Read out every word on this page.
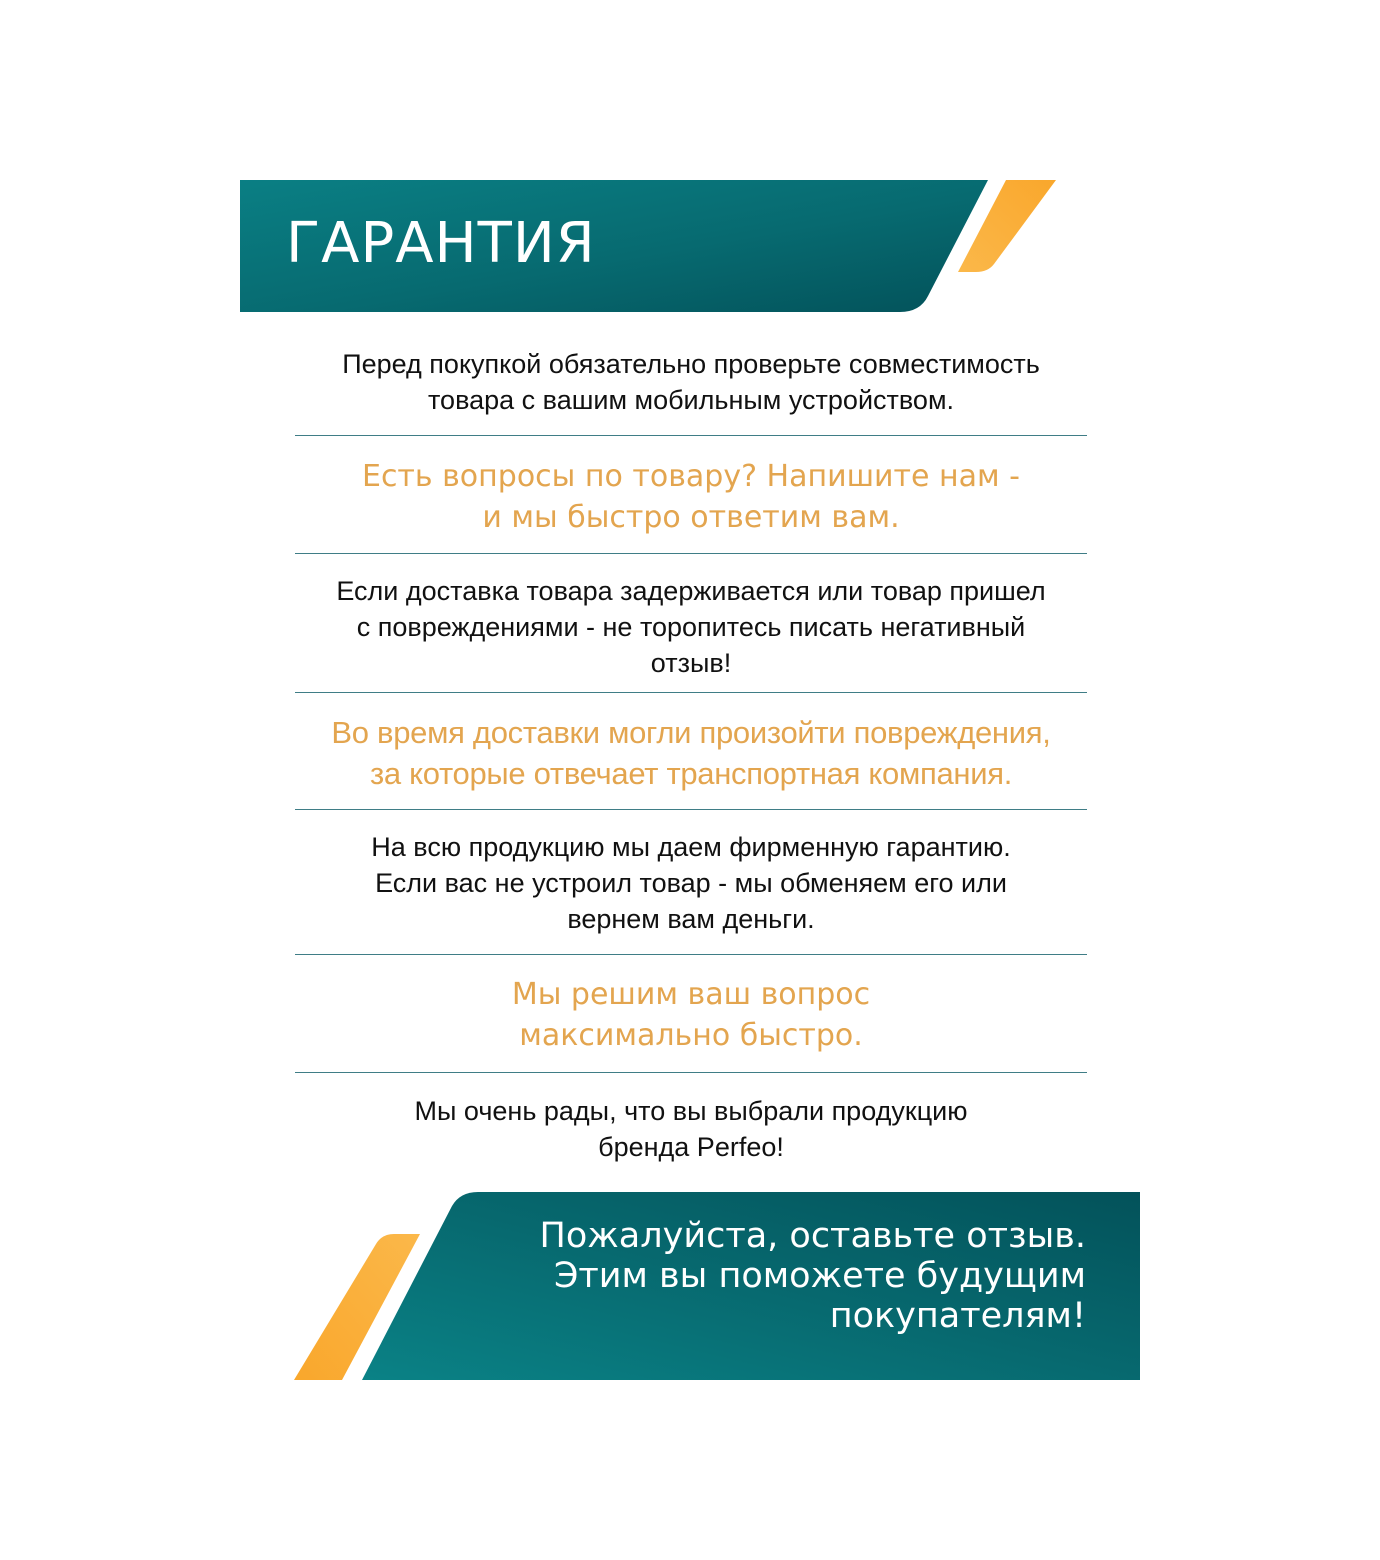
ГАРАНТИЯ
Перед покупкой обязательно проверьте совместимость
товара с вашим мобильным устройством.
Есть вопросы по товару? Напишите нам -
и мы быстро ответим вам.
Если доставка товара задерживается или товар пришел
с повреждениями - не торопитесь писать негативный
отзыв!
Во время доставки могли произойти повреждения,
за которые отвечает транспортная компания.
На всю продукцию мы даем фирменную гарантию.
Если вас не устроил товар - мы обменяем его или
вернем вам деньги.
Мы решим ваш вопрос
максимально быстро.
Мы очень рады, что вы выбрали продукцию
бренда Perfeo!
Пожалуйста, оставьте отзыв.
Этим вы поможете будущим
покупателям!
